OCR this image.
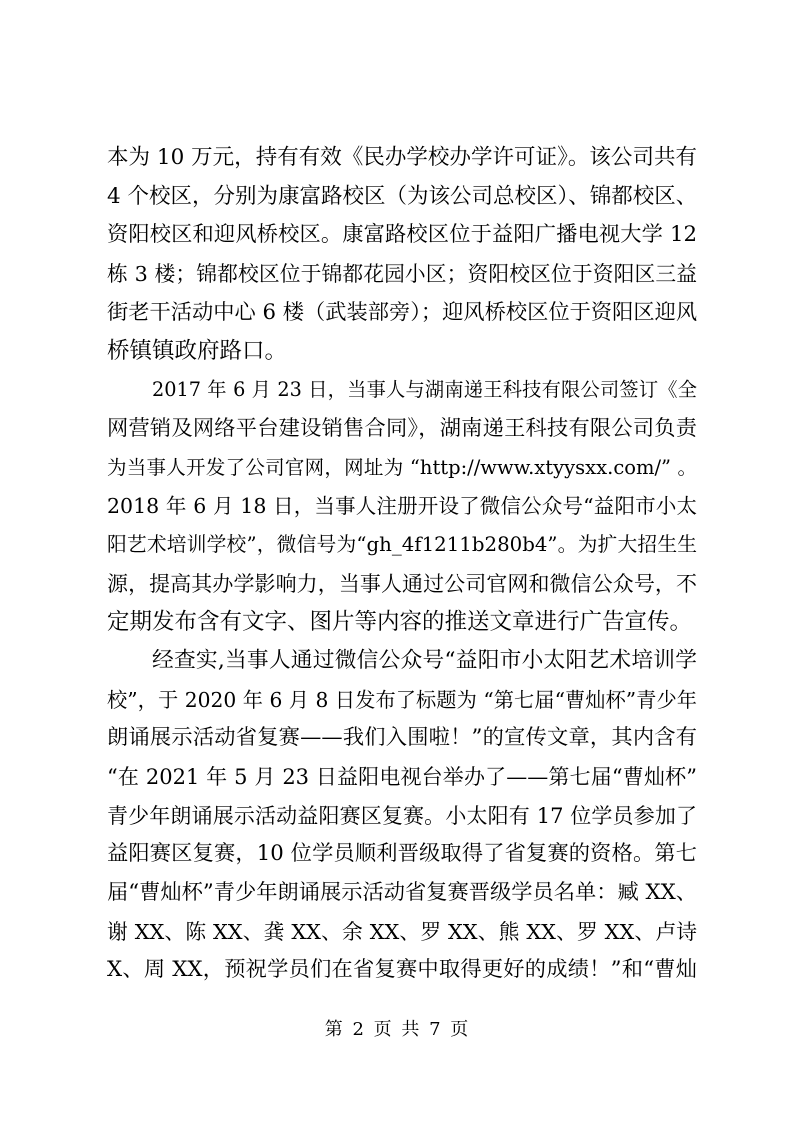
本为 10 万元，持有有效《民办学校办学许可证》。该公司共有
4 个校区，分别为康富路校区（为该公司总校区）、锦都校区、
资阳校区和迎风桥校区。康富路校区位于益阳广播电视大学 12
栋 3 楼；锦都校区位于锦都花园小区；资阳校区位于资阳区三益
街老干活动中心 6 楼（武装部旁）；迎风桥校区位于资阳区迎风
桥镇镇政府路口。
2017 年 6 月 23 日，当事人与湖南递王科技有限公司签订《全
网营销及网络平台建设销售合同》，湖南递王科技有限公司负责
为当事人开发了公司官网，网址为 “http://www.xtyysxx.com/” 。
2018 年 6 月 18 日，当事人注册开设了微信公众号“益阳市小太
阳艺术培训学校”，微信号为“gh_4f1211b280b4”。为扩大招生生
源，提高其办学影响力，当事人通过公司官网和微信公众号，不
定期发布含有文字、图片等内容的推送文章进行广告宣传。
经查实,当事人通过微信公众号“益阳市小太阳艺术培训学
校”，于 2020 年 6 月 8 日发布了标题为 “第七届“曹灿杯”青少年
朗诵展示活动省复赛——我们入围啦！”的宣传文章，其内含有
“在 2021 年 5 月 23 日益阳电视台举办了——第七届“曹灿杯”
青少年朗诵展示活动益阳赛区复赛。小太阳有 17 位学员参加了
益阳赛区复赛，10 位学员顺利晋级取得了省复赛的资格。第七
届“曹灿杯”青少年朗诵展示活动省复赛晋级学员名单：臧 XX、
谢 XX、陈 XX、龚 XX、余 XX、罗 XX、熊 XX、罗 XX、卢诗
X、周 XX，预祝学员们在省复赛中取得更好的成绩！”和“曹灿
第 2 页 共 7 页
